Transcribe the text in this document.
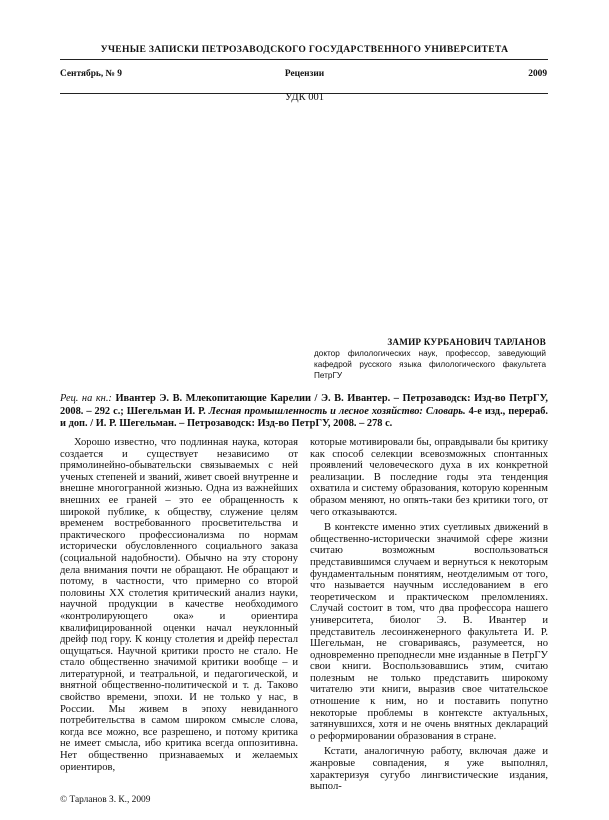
УЧЕНЫЕ ЗАПИСКИ ПЕТРОЗАВОДСКОГО ГОСУДАРСТВЕННОГО УНИВЕРСИТЕТА
Сентябрь, № 9	Рецензии	2009
УДК 001
ЗАМИР КУРБАНОВИЧ ТАРЛАНОВ
доктор филологических наук, профессор, заведующий кафедрой русского языка филологического факультета ПетрГУ
Рец. на кн.: Ивантер Э. В. Млекопитающие Карелии / Э. В. Ивантер. – Петрозаводск: Изд-во ПетрГУ, 2008. – 292 с.; Шегельман И. Р. Лесная промышленность и лесное хозяйство: Словарь. 4-е изд., перераб. и доп. / И. Р. Шегельман. – Петрозаводск: Изд-во ПетрГУ, 2008. – 278 с.

Хорошо известно, что подлинная наука, которая создается и существует независимо от прямолинейно-обывательски связываемых с ней ученых степеней и званий, живет своей внутренне и внешне многогранной жизнью. Одна из важнейших внешних ее граней – это ее обращенность к широкой публике, к обществу, служение целям временем востребованного просветительства и практического профессионализма по нормам исторически обусловленного социального заказа (социальной надобности). Обычно на эту сторону дела внимания почти не обращают. Не обращают и потому, в частности, что примерно со второй половины XX столетия критический анализ науки, научной продукции в качестве необходимого «контролирующего ока» и ориентира квалифицированной оценки начал неуклонный дрейф под гору. К концу столетия и дрейф перестал ощущаться. Научной критики просто не стало. Не стало общественно значимой критики вообще – и литературной, и театральной, и педагогической, и внятной общественно-политической и т. д. Таково свойство времени, эпохи. И не только у нас, в России. Мы живем в эпоху невиданного потребительства в самом широком смысле слова, когда все можно, все разрешено, и потому критика не имеет смысла, ибо критика всегда оппозитивна. Нет общественно признаваемых и желаемых ориентиров,

которые мотивировали бы, оправдывали бы критику как способ селекции всевозможных спонтанных проявлений человеческого духа в их конкретной реализации. В последние годы эта тенденция охватила и систему образования, которую коренным образом меняют, но опять-таки без критики того, от чего отказываются.

В контексте именно этих суетливых движений в общественно-исторически значимой сфере жизни считаю возможным воспользоваться представившимся случаем и вернуться к некоторым фундаментальным понятиям, неотделимым от того, что называется научным исследованием в его теоретическом и практическом преломлениях. Случай состоит в том, что два профессора нашего университета, биолог Э. В. Ивантер и представитель лесоинженерного факультета И. Р. Шегельман, не сговариваясь, разумеется, но одновременно преподнесли мне изданные в ПетрГУ свои книги. Воспользовавшись этим, считаю полезным не только представить широкому читателю эти книги, выразив свое читательское отношение к ним, но и поставить попутно некоторые проблемы в контексте актуальных, затянувшихся, хотя и не очень внятных деклараций о реформировании образования в стране.

Кстати, аналогичную работу, включая даже и жанровые совпадения, я уже выполнял, характеризуя сугубо лингвистические издания, выпол-

© Тарланов З. К., 2009
